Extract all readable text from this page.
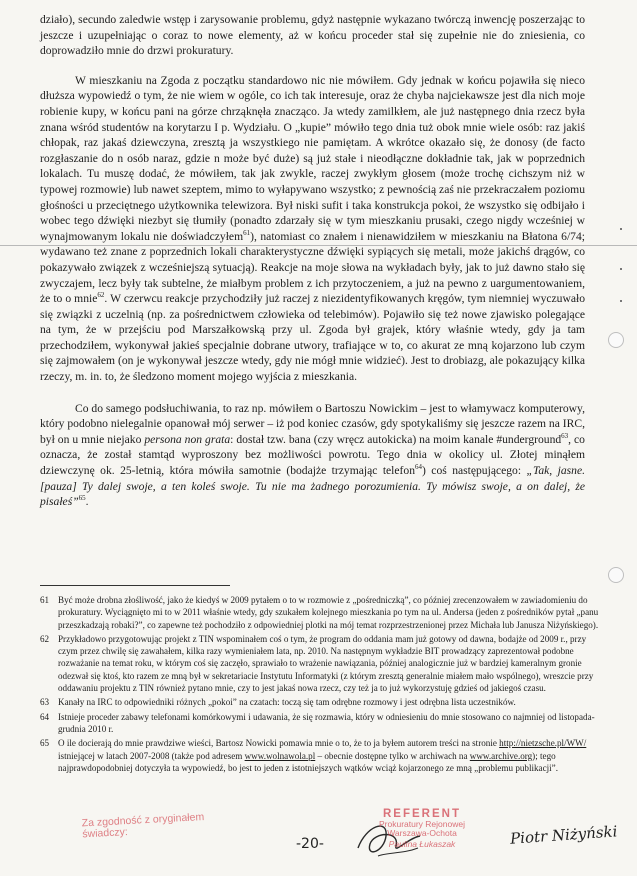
działo), secundo zaledwie wstęp i zarysowanie problemu, gdyż następnie wykazano twórczą inwencję poszerzając to jeszcze i uzupełniając o coraz to nowe elementy, aż w końcu proceder stał się zupełnie nie do zniesienia, co doprowadziło mnie do drzwi prokuratury.

W mieszkaniu na Zgoda z początku standardowo nic nie mówiłem. Gdy jednak w końcu pojawiła się nieco dłuższa wypowiedź o tym, że nie wiem w ogóle, co ich tak interesuje, oraz że chyba najciekawsze jest dla nich moje robienie kupy, w końcu pani na górze chrząknęła znacząco. Ja wtedy zamilkłem, ale już następnego dnia rzecz była znana wśród studentów na korytarzu I p. Wydziału. O „kupie” mówiło tego dnia tuż obok mnie wiele osób: raz jakiś chłopak, raz jakaś dziewczyna, zresztą ja wszystkiego nie pamiętam. A wkrótce okazało się, że donosy (de facto rozgłaszanie do n osób naraz, gdzie n może być duże) są już stałe i nieodłączne dokładnie tak, jak w poprzednich lokalach. Tu muszę dodać, że mówiłem, tak jak zwykle, raczej zwykłym głosem (może trochę cichszym niż w typowej rozmowie) lub nawet szeptem, mimo to wyłapywano wszystko; z pewnością zaś nie przekraczałem poziomu głośności u przeciętnego użytkownika telewizora. Był niski sufit i taka konstrukcja pokoi, że wszystko się odbijało i wobec tego dźwięki niezbyt się tłumiły (ponadto zdarzały się w tym mieszkaniu prusaki, czego nigdy wcześniej w wynajmowanym lokalu nie doświadczyłem$^{61}$), natomiast co znałem i nienawidziłem w mieszkaniu na Błatona 6/74; wydawano też znane z poprzednich lokali charakterystyczne dźwięki sypiących się metali, może jakichś drągów, co pokazywało związek z wcześniejszą sytuacją). Reakcje na moje słowa na wykładach były, jak to już dawno stało się zwyczajem, lecz były tak subtelne, że miałbym problem z ich przytoczeniem, a już na pewno z uargumentowaniem, że to o mnie$^{62}$. W czerwcu reakcje przychodziły już raczej z niezidentyfikowanych kręgów, tym niemniej wyczuwało się związki z uczelnią (np. za pośrednictwem człowieka od telebimów). Pojawiło się też nowe zjawisko polegające na tym, że w przejściu pod Marszałkowską przy ul. Zgoda był grajek, który właśnie wtedy, gdy ja tam przechodziłem, wykonywał jakieś specjalnie dobrane utwory, trafiające w to, co akurat ze mną kojarzono lub czym się zajmowałem (on je wykonywał jeszcze wtedy, gdy nie mógł mnie widzieć). Jest to drobiazg, ale pokazujący kilka rzeczy, m. in. to, że śledzono moment mojego wyjścia z mieszkania.

Co do samego podsłuchiwania, to raz np. mówiłem o Bartoszu Nowickim – jest to włamywacz komputerowy, który podobno nielegalnie opanował mój serwer – iż pod koniec czasów, gdy spotykaliśmy się jeszcze razem na IRC, był on u mnie niejako persona non grata: dostał tzw. bana (czy wręcz autokicka) na moim kanale #underground$^{63}$, co oznacza, że został stamtąd wyproszony bez możliwości powrotu. Tego dnia w okolicy ul. Złotej minąłem dziewczynę ok. 25-letnią, która mówiła samotnie (bodajże trzymając telefon$^{64}$) coś następującego: „Tak, jasne. [pauza] Ty dalej swoje, a ten koleś swoje. Tu nie ma żadnego porozumienia. Ty mówisz swoje, a on dalej, że pisałeś”$^{65}$.

61 Być może drobna złośliwość, jako że kiedyś w 2009 pytałem o to w rozmowie z „pośredniczką”, co później zrecenzowałem w zawiadomieniu do prokuratury. Wyciągnięto mi to w 2011 właśnie wtedy, gdy szukałem kolejnego mieszkania po tym na ul. Andersa (jeden z pośredników pytał „panu przeszkadzają robaki?”, co zapewne też pochodziło z odpowiedniej plotki na mój temat rozprzestrzenionej przez Michała lub Janusza Niżyńskiego).
62 Przykładowo przygotowując projekt z TIN wspominałem coś o tym, że program do oddania mam już gotowy od dawna, bodajże od 2009 r., przy czym przez chwilę się zawahałem, kilka razy wymieniałem lata, np. 2010. Na następnym wykładzie BIT prowadzący zaprezentował podobne rozważanie na temat roku, w którym coś się zaczęło, sprawiało to wrażenie nawiązania, później analogicznie już w bardziej kameralnym gronie odezwał się ktoś, kto razem ze mną był w sekretariacie Instytutu Informatyki (z którym zresztą generalnie miałem mało wspólnego), wreszcie przy oddawaniu projektu z TIN również pytano mnie, czy to jest jakaś nowa rzecz, czy też ja to już wykorzystuję gdzieś od jakiegoś czasu.
63 Kanały na IRC to odpowiedniki różnych „pokoi” na czatach: toczą się tam odrębne rozmowy i jest odrębna lista uczestników.
64 Istnieje proceder zabawy telefonami komórkowymi i udawania, że się rozmawia, który w odniesieniu do mnie stosowano co najmniej od listopada-grudnia 2010 r.
65 O ile docierają do mnie prawdziwe wieści, Bartosz Nowicki pomawia mnie o to, że to ja byłem autorem treści na stronie http://nietzsche.pl/WW/ istniejącej w latach 2007-2008 (także pod adresem www.wolnawola.pl – obecnie dostępne tylko w archiwach na www.archive.org); tego najprawdopodobniej dotyczyła ta wypowiedź, bo jest to jeden z istotniejszych wątków wciąż kojarzonego ze mną „problemu publikacji”.
Za zgodność z oryginałem
świadczy:
-20-
REFERENT
Prokuratury Rejonowej
Warszawa-Ochota
Paulina Łukaszak	Piotr Niżyński
